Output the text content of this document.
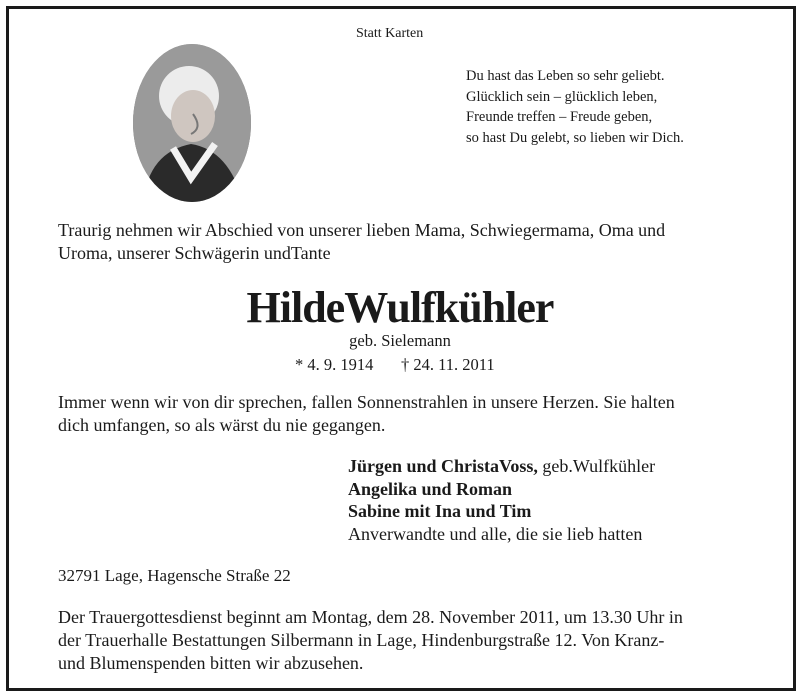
Statt Karten
Du hast das Leben so sehr geliebt.
Glücklich sein – glücklich leben,
Freunde treffen – Freude geben,
so hast Du gelebt, so lieben wir Dich.
Traurig nehmen wir Abschied von unserer lieben Mama, Schwiegermama, Oma und
Uroma, unserer Schwägerin undTante
HildeWulfkühler
geb. Sielemann
* 4. 9. 1914 † 24. 11. 2011
Immer wenn wir von dir sprechen, fallen Sonnenstrahlen in unsere Herzen. Sie halten
dich umfangen, so als wärst du nie gegangen.
Jürgen und ChristaVoss, geb.Wulfkühler
Angelika und Roman
Sabine mit Ina und Tim
Anverwandte und alle, die sie lieb hatten
32791 Lage, Hagensche Straße 22
Der Trauergottesdienst beginnt am Montag, dem 28. November 2011, um 13.30 Uhr in
der Trauerhalle Bestattungen Silbermann in Lage, Hindenburgstraße 12. Von Kranz-
und Blumenspenden bitten wir abzusehen.
